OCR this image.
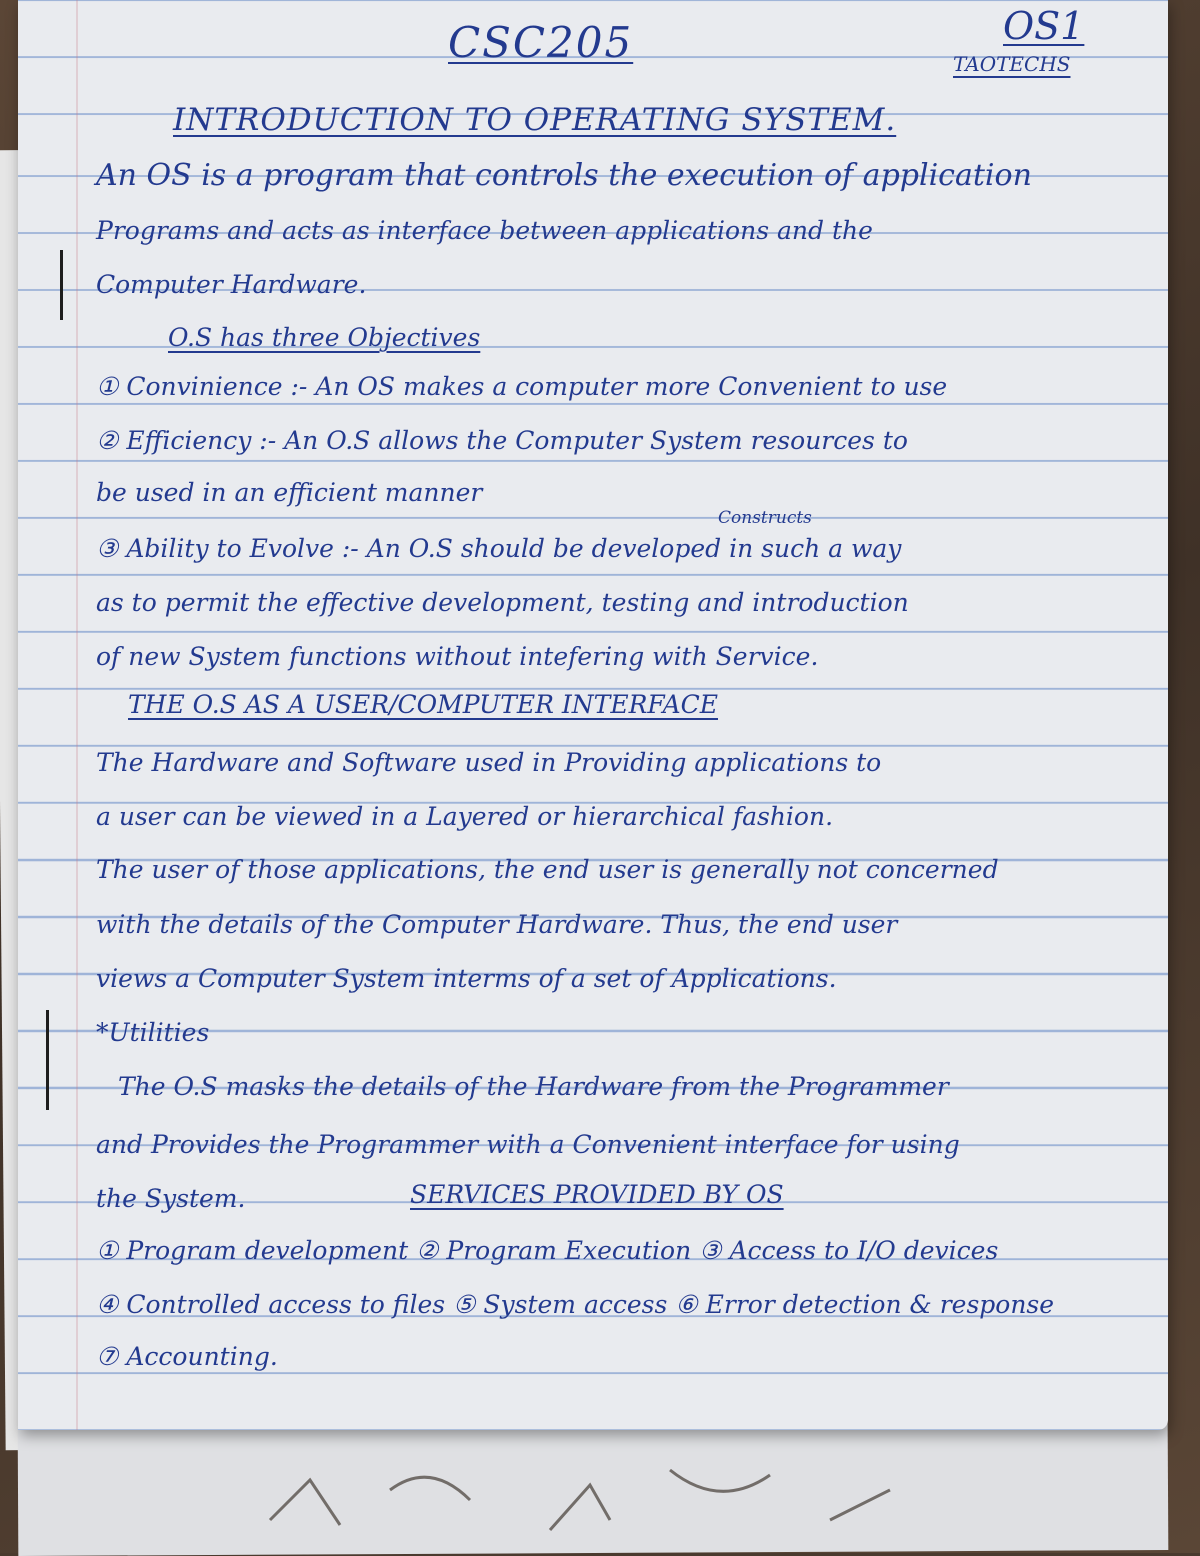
CSC205	OS1
TAOTECHS
INTRODUCTION TO OPERATING SYSTEM.
An OS is a program that controls the execution of application
Programs and acts as interface between applications and the
Computer Hardware.
O.S has three Objectives
① Convinience :- An OS makes a computer more Convenient to use
② Efficiency :- An O.S allows the Computer System resources to
be used in an efficient manner
Constructs
③ Ability to Evolve :- An O.S should be developed in such a way
as to permit the effective development, testing and introduction
of new System functions without intefering with Service.
THE O.S AS A USER/COMPUTER INTERFACE
The Hardware and Software used in Providing applications to
a user can be viewed in a Layered or hierarchical fashion.
The user of those applications, the end user is generally not concerned
with the details of the Computer Hardware. Thus, the end user
views a Computer System interms of a set of Applications.
*Utilities
The O.S masks the details of the Hardware from the Programmer
and Provides the Programmer with a Convenient interface for using
the System.	SERVICES PROVIDED BY OS
① Program development ② Program Execution ③ Access to I/O devices
④ Controlled access to files ⑤ System access ⑥ Error detection & response
⑦ Accounting.
